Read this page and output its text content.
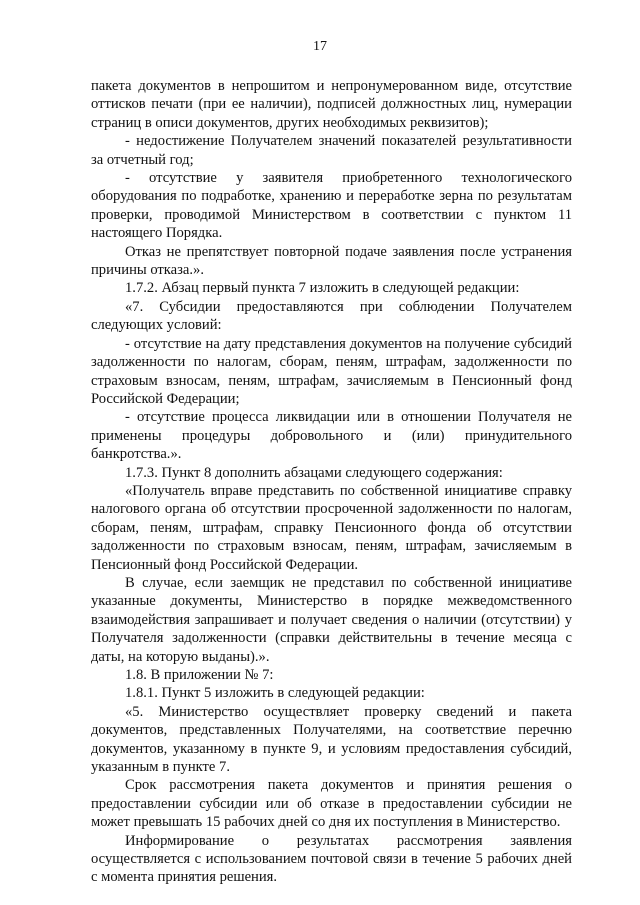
17

пакета документов в непрошитом и непронумерованном виде, отсутствие оттисков печати (при ее наличии), подписей должностных лиц, нумерации страниц в описи документов, других необходимых реквизитов);

- недостижение Получателем значений показателей результативности за отчетный год;

- отсутствие у заявителя приобретенного технологического оборудования по подработке, хранению и переработке зерна по результатам проверки, проводимой Министерством в соответствии с пунктом 11 настоящего Порядка.

Отказ не препятствует повторной подаче заявления после устранения причины отказа.».

1.7.2. Абзац первый пункта 7 изложить в следующей редакции:

«7. Субсидии предоставляются при соблюдении Получателем следующих условий:

- отсутствие на дату представления документов на получение субсидий задолженности по налогам, сборам, пеням, штрафам, задолженности по страховым взносам, пеням, штрафам, зачисляемым в Пенсионный фонд Российской Федерации;

- отсутствие процесса ликвидации или в отношении Получателя не применены процедуры добровольного и (или) принудительного банкротства.».

1.7.3. Пункт 8 дополнить абзацами следующего содержания:

«Получатель вправе представить по собственной инициативе справку налогового органа об отсутствии просроченной задолженности по налогам, сборам, пеням, штрафам, справку Пенсионного фонда об отсутствии задолженности по страховым взносам, пеням, штрафам, зачисляемым в Пенсионный фонд Российской Федерации.

В случае, если заемщик не представил по собственной инициативе указанные документы, Министерство в порядке межведомственного взаимодействия запрашивает и получает сведения о наличии (отсутствии) у Получателя задолженности (справки действительны в течение месяца с даты, на которую выданы).».

1.8. В приложении № 7:

1.8.1. Пункт 5 изложить в следующей редакции:

«5. Министерство осуществляет проверку сведений и пакета документов, представленных Получателями, на соответствие перечню документов, указанному в пункте 9, и условиям предоставления субсидий, указанным в пункте 7.

Срок рассмотрения пакета документов и принятия решения о предоставлении субсидии или об отказе в предоставлении субсидии не может превышать 15 рабочих дней со дня их поступления в Министерство.

Информирование о результатах рассмотрения заявления осуществляется с использованием почтовой связи в течение 5 рабочих дней с момента принятия решения.
